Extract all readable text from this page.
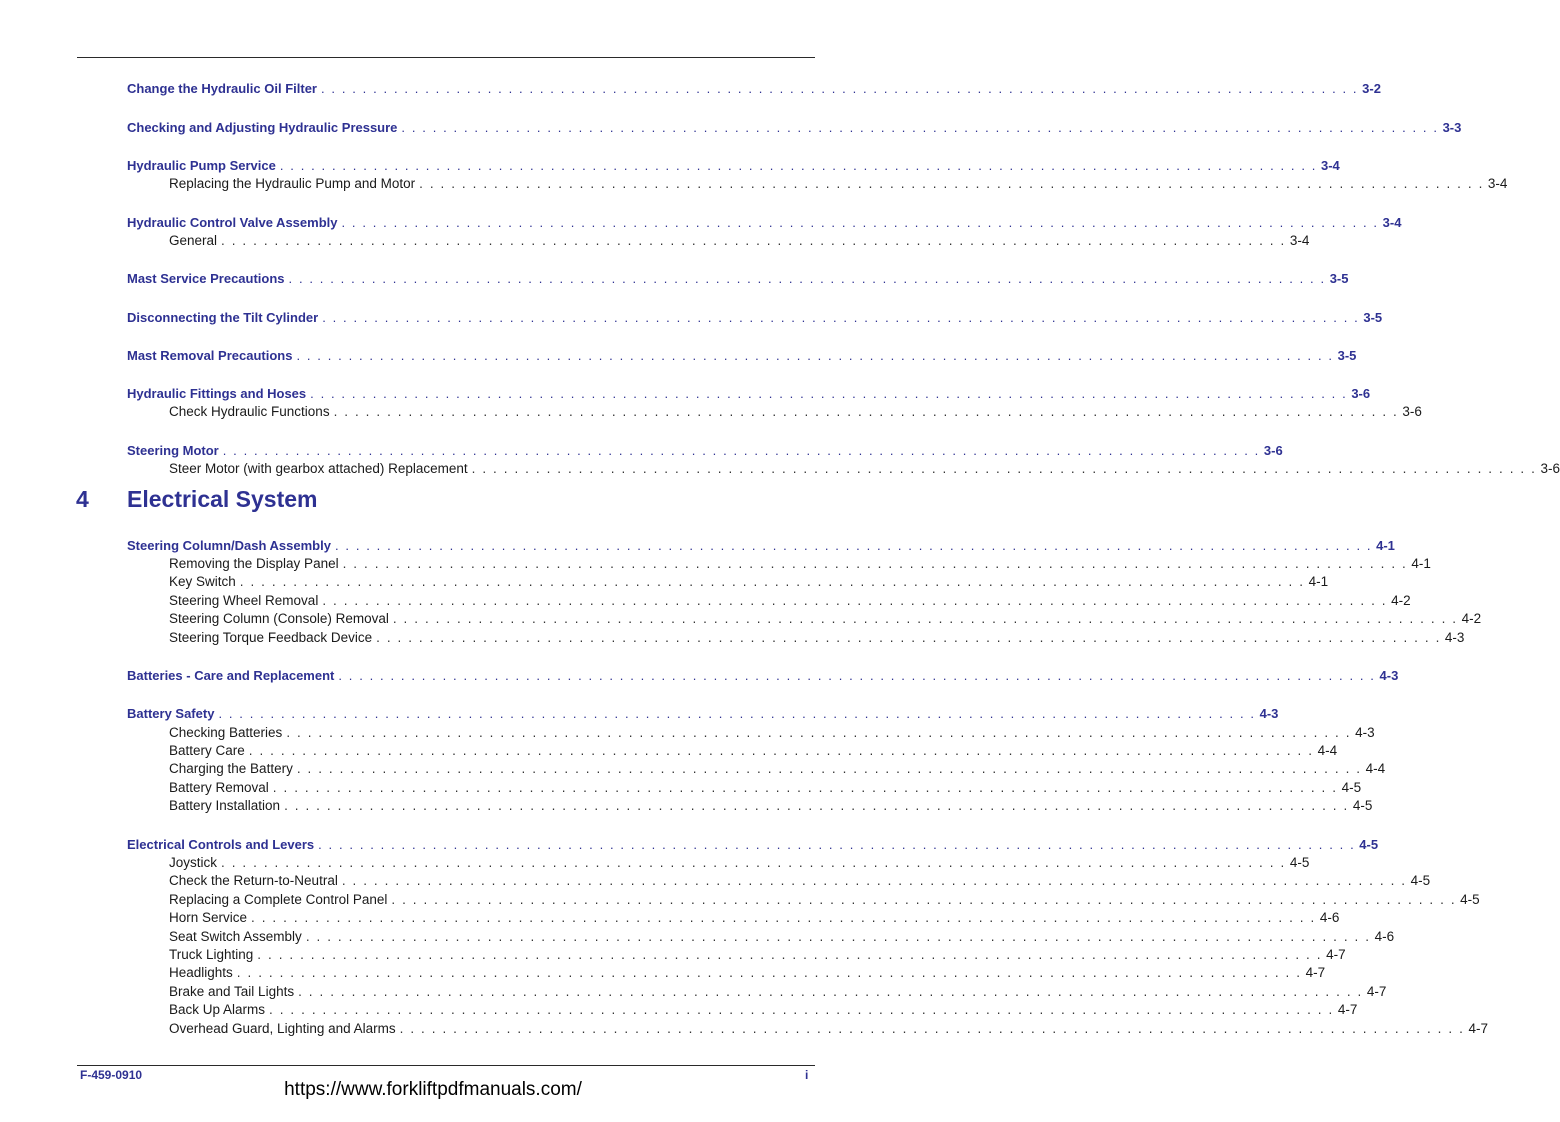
Change the Hydraulic Oil Filter . . . . . . . . . . . . . . . . . . . . . . . . . . . . . . . . . . . . . . . . . . . . . . . . . . . . . . . . . . . . . . . . . . . . . . . . . . . . . . . . . . . . . . . . . . . . . . . . . . . . 3-2
Checking and Adjusting Hydraulic Pressure . . . . . . . . . . . . . . . . . . . . . . . . . . . . . . . . . . . . . . . . . . . . . . . . . . . . . . . . . . . . . . . . . . . . . . . . . . . . . . . . . . . . . . . . . . . . . . . . . . . . 3-3
Hydraulic Pump Service . . . . . . . . . . . . . . . . . . . . . . . . . . . . . . . . . . . . . . . . . . . . . . . . . . . . . . . . . . . . . . . . . . . . . . . . . . . . . . . . . . . . . . . . . . . . . . . . . . . . 3-4
Replacing the Hydraulic Pump and Motor . . . . . . . . . . . . . . . . . . . . . . . . . . . . . . . . . . . . . . . . . . . . . . . . . . . . . . . . . . . . . . . . . . . . . . . . . . . . . . . . . . . . . . . . . . . . . . . . . . . . 3-4
Hydraulic Control Valve Assembly . . . . . . . . . . . . . . . . . . . . . . . . . . . . . . . . . . . . . . . . . . . . . . . . . . . . . . . . . . . . . . . . . . . . . . . . . . . . . . . . . . . . . . . . . . . . . . . . . . . . 3-4
General . . . . . . . . . . . . . . . . . . . . . . . . . . . . . . . . . . . . . . . . . . . . . . . . . . . . . . . . . . . . . . . . . . . . . . . . . . . . . . . . . . . . . . . . . . . . . . . . . . . . 3-4
Mast Service Precautions . . . . . . . . . . . . . . . . . . . . . . . . . . . . . . . . . . . . . . . . . . . . . . . . . . . . . . . . . . . . . . . . . . . . . . . . . . . . . . . . . . . . . . . . . . . . . . . . . . . . 3-5
Disconnecting the Tilt Cylinder . . . . . . . . . . . . . . . . . . . . . . . . . . . . . . . . . . . . . . . . . . . . . . . . . . . . . . . . . . . . . . . . . . . . . . . . . . . . . . . . . . . . . . . . . . . . . . . . . . . . 3-5
Mast Removal Precautions . . . . . . . . . . . . . . . . . . . . . . . . . . . . . . . . . . . . . . . . . . . . . . . . . . . . . . . . . . . . . . . . . . . . . . . . . . . . . . . . . . . . . . . . . . . . . . . . . . . . 3-5
Hydraulic Fittings and Hoses . . . . . . . . . . . . . . . . . . . . . . . . . . . . . . . . . . . . . . . . . . . . . . . . . . . . . . . . . . . . . . . . . . . . . . . . . . . . . . . . . . . . . . . . . . . . . . . . . . . . 3-6
Check Hydraulic Functions . . . . . . . . . . . . . . . . . . . . . . . . . . . . . . . . . . . . . . . . . . . . . . . . . . . . . . . . . . . . . . . . . . . . . . . . . . . . . . . . . . . . . . . . . . . . . . . . . . . . 3-6
Steering Motor . . . . . . . . . . . . . . . . . . . . . . . . . . . . . . . . . . . . . . . . . . . . . . . . . . . . . . . . . . . . . . . . . . . . . . . . . . . . . . . . . . . . . . . . . . . . . . . . . . . . 3-6
Steer Motor (with gearbox attached) Replacement . . . . . . . . . . . . . . . . . . . . . . . . . . . . . . . . . . . . . . . . . . . . . . . . . . . . . . . . . . . . . . . . . . . . . . . . . . . . . . . . . . . . . . . . . . . . . . . . . . . . 3-6
4 Electrical System
Steering Column/Dash Assembly . . . . . . . . . . . . . . . . . . . . . . . . . . . . . . . . . . . . . . . . . . . . . . . . . . . . . . . . . . . . . . . . . . . . . . . . . . . . . . . . . . . . . . . . . . . . . . . . . . . . 4-1
Removing the Display Panel . . . . . . . . . . . . . . . . . . . . . . . . . . . . . . . . . . . . . . . . . . . . . . . . . . . . . . . . . . . . . . . . . . . . . . . . . . . . . . . . . . . . . . . . . . . . . . . . . . . . 4-1
Key Switch . . . . . . . . . . . . . . . . . . . . . . . . . . . . . . . . . . . . . . . . . . . . . . . . . . . . . . . . . . . . . . . . . . . . . . . . . . . . . . . . . . . . . . . . . . . . . . . . . . . . 4-1
Steering Wheel Removal . . . . . . . . . . . . . . . . . . . . . . . . . . . . . . . . . . . . . . . . . . . . . . . . . . . . . . . . . . . . . . . . . . . . . . . . . . . . . . . . . . . . . . . . . . . . . . . . . . . . 4-2
Steering Column (Console) Removal . . . . . . . . . . . . . . . . . . . . . . . . . . . . . . . . . . . . . . . . . . . . . . . . . . . . . . . . . . . . . . . . . . . . . . . . . . . . . . . . . . . . . . . . . . . . . . . . . . . . 4-2
Steering Torque Feedback Device . . . . . . . . . . . . . . . . . . . . . . . . . . . . . . . . . . . . . . . . . . . . . . . . . . . . . . . . . . . . . . . . . . . . . . . . . . . . . . . . . . . . . . . . . . . . . . . . . . . . 4-3
Batteries - Care and Replacement . . . . . . . . . . . . . . . . . . . . . . . . . . . . . . . . . . . . . . . . . . . . . . . . . . . . . . . . . . . . . . . . . . . . . . . . . . . . . . . . . . . . . . . . . . . . . . . . . . . . 4-3
Battery Safety . . . . . . . . . . . . . . . . . . . . . . . . . . . . . . . . . . . . . . . . . . . . . . . . . . . . . . . . . . . . . . . . . . . . . . . . . . . . . . . . . . . . . . . . . . . . . . . . . . . . 4-3
Checking Batteries . . . . . . . . . . . . . . . . . . . . . . . . . . . . . . . . . . . . . . . . . . . . . . . . . . . . . . . . . . . . . . . . . . . . . . . . . . . . . . . . . . . . . . . . . . . . . . . . . . . . 4-3
Battery Care . . . . . . . . . . . . . . . . . . . . . . . . . . . . . . . . . . . . . . . . . . . . . . . . . . . . . . . . . . . . . . . . . . . . . . . . . . . . . . . . . . . . . . . . . . . . . . . . . . . . 4-4
Charging the Battery . . . . . . . . . . . . . . . . . . . . . . . . . . . . . . . . . . . . . . . . . . . . . . . . . . . . . . . . . . . . . . . . . . . . . . . . . . . . . . . . . . . . . . . . . . . . . . . . . . . . 4-4
Battery Removal . . . . . . . . . . . . . . . . . . . . . . . . . . . . . . . . . . . . . . . . . . . . . . . . . . . . . . . . . . . . . . . . . . . . . . . . . . . . . . . . . . . . . . . . . . . . . . . . . . . . 4-5
Battery Installation . . . . . . . . . . . . . . . . . . . . . . . . . . . . . . . . . . . . . . . . . . . . . . . . . . . . . . . . . . . . . . . . . . . . . . . . . . . . . . . . . . . . . . . . . . . . . . . . . . . . 4-5
Electrical Controls and Levers . . . . . . . . . . . . . . . . . . . . . . . . . . . . . . . . . . . . . . . . . . . . . . . . . . . . . . . . . . . . . . . . . . . . . . . . . . . . . . . . . . . . . . . . . . . . . . . . . . . . 4-5
Joystick . . . . . . . . . . . . . . . . . . . . . . . . . . . . . . . . . . . . . . . . . . . . . . . . . . . . . . . . . . . . . . . . . . . . . . . . . . . . . . . . . . . . . . . . . . . . . . . . . . . . 4-5
Check the Return-to-Neutral . . . . . . . . . . . . . . . . . . . . . . . . . . . . . . . . . . . . . . . . . . . . . . . . . . . . . . . . . . . . . . . . . . . . . . . . . . . . . . . . . . . . . . . . . . . . . . . . . . . . 4-5
Replacing a Complete Control Panel . . . . . . . . . . . . . . . . . . . . . . . . . . . . . . . . . . . . . . . . . . . . . . . . . . . . . . . . . . . . . . . . . . . . . . . . . . . . . . . . . . . . . . . . . . . . . . . . . . . . 4-5
Horn Service . . . . . . . . . . . . . . . . . . . . . . . . . . . . . . . . . . . . . . . . . . . . . . . . . . . . . . . . . . . . . . . . . . . . . . . . . . . . . . . . . . . . . . . . . . . . . . . . . . . . 4-6
Seat Switch Assembly . . . . . . . . . . . . . . . . . . . . . . . . . . . . . . . . . . . . . . . . . . . . . . . . . . . . . . . . . . . . . . . . . . . . . . . . . . . . . . . . . . . . . . . . . . . . . . . . . . . . 4-6
Truck Lighting . . . . . . . . . . . . . . . . . . . . . . . . . . . . . . . . . . . . . . . . . . . . . . . . . . . . . . . . . . . . . . . . . . . . . . . . . . . . . . . . . . . . . . . . . . . . . . . . . . . . 4-7
Headlights . . . . . . . . . . . . . . . . . . . . . . . . . . . . . . . . . . . . . . . . . . . . . . . . . . . . . . . . . . . . . . . . . . . . . . . . . . . . . . . . . . . . . . . . . . . . . . . . . . . . 4-7
Brake and Tail Lights . . . . . . . . . . . . . . . . . . . . . . . . . . . . . . . . . . . . . . . . . . . . . . . . . . . . . . . . . . . . . . . . . . . . . . . . . . . . . . . . . . . . . . . . . . . . . . . . . . . . 4-7
Back Up Alarms . . . . . . . . . . . . . . . . . . . . . . . . . . . . . . . . . . . . . . . . . . . . . . . . . . . . . . . . . . . . . . . . . . . . . . . . . . . . . . . . . . . . . . . . . . . . . . . . . . . . 4-7
Overhead Guard, Lighting and Alarms . . . . . . . . . . . . . . . . . . . . . . . . . . . . . . . . . . . . . . . . . . . . . . . . . . . . . . . . . . . . . . . . . . . . . . . . . . . . . . . . . . . . . . . . . . . . . . . . . . . . 4-7
F-459-0910	i
https://www.forkliftpdfmanuals.com/
